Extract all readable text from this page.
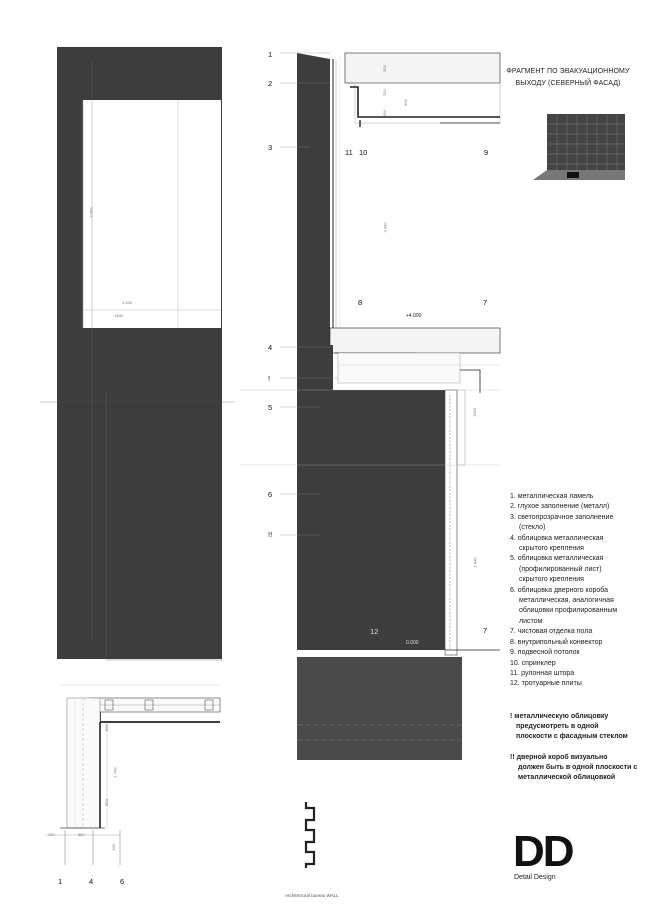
3 300
1 540
1480
3 000
2 840
1150
300
250
350
600
+4.000
0.000
1
2
3
4
!
5
6
!!
11 10	9
8	7
7
12
ФРАГМЕНТ ПО ЭВАКУАЦИОННОМУ
ВЫХОДУ (СЕВЕРНЫЙ ФАСАД)
1. металлическая ламель
2. глухое заполнение (металл)
3. светопрозрачное заполнение
(стекло)
4. облицовка металлическая
скрытого крепления
5. облицовка металлическая
(профилированный лист)
скрытого крепления
6. облицовка дверного короба
металлическая, аналогичная
облицовки профилированным
листом
7. чистовая отделка пола
8. внутрипольный конвектор
9. подвесной потолок
10. спринклер
11. рулонная штора
12. тротуарные плиты
! металлическую облицовку
предусмотреть в одной
плоскости с фасадным стеклом
!! дверной короб визуально
должен быть в одной плоскости с
металлической облицовкой
DD
Detail Design
850
1 700
850
560
100
100
1	4	6
Architectural bureau WALL
